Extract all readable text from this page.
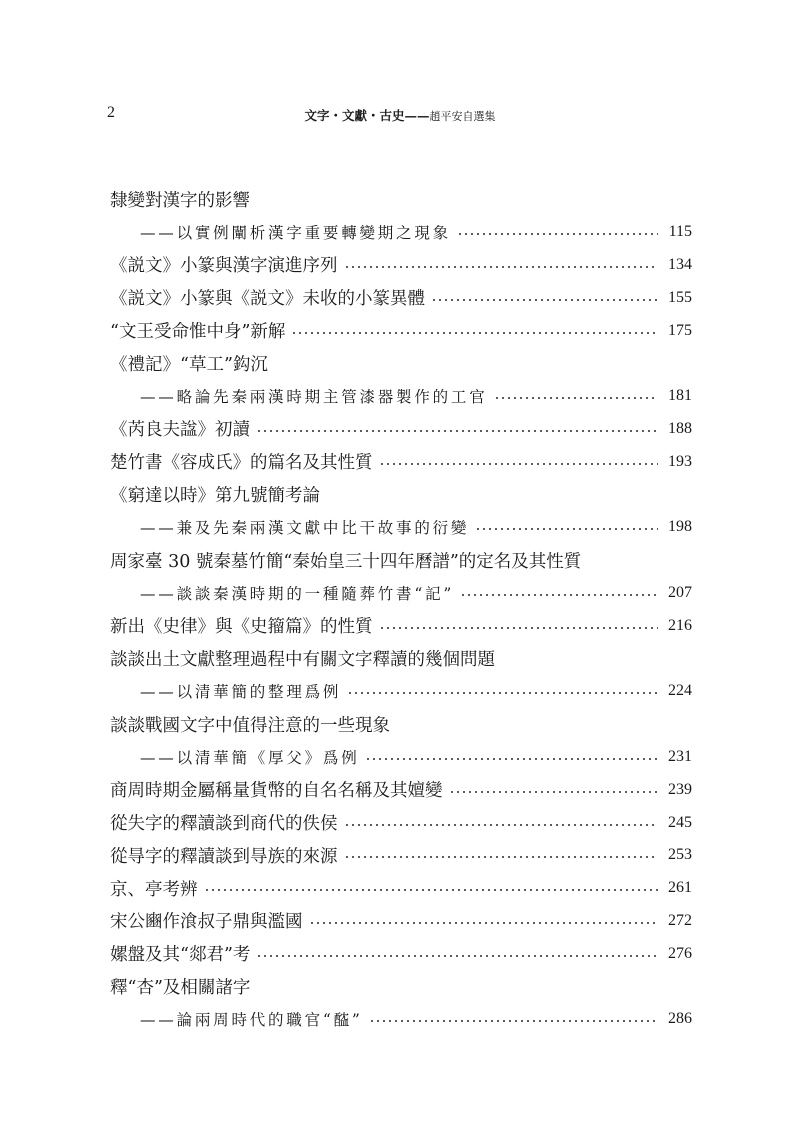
2	文字・文獻・古史——趙平安自選集
隸變對漢字的影響
——以實例闡析漢字重要轉變期之現象	115
《説文》小篆與漢字演進序列	134
《説文》小篆與《説文》未收的小篆異體	155
“文王受命惟中身”新解	175
《禮記》“草工”鈎沉
——略論先秦兩漢時期主管漆器製作的工官	181
《芮良夫諡》初讀	188
楚竹書《容成氏》的篇名及其性質	193
《窮達以時》第九號簡考論
——兼及先秦兩漢文獻中比干故事的衍變	198
周家臺 30 號秦墓竹簡“秦始皇三十四年曆譜”的定名及其性質
——談談秦漢時期的一種隨葬竹書“記”	207
新出《史律》與《史籀篇》的性質	216
談談出土文獻整理過程中有關文字釋讀的幾個問題
——以清華簡的整理爲例	224
談談戰國文字中值得注意的一些現象
——以清華簡《厚父》爲例	231
商周時期金屬稱量貨幣的自名名稱及其嬗變	239
從失字的釋讀談到商代的佚侯	245
從㝵字的釋讀談到㝵族的來源	253
京、亭考辨	261
宋公豳作湌叔子鼎與濫國	272
嫘盤及其“郯君”考	276
釋“杏”及相關諸字
——論兩周時代的職官“醓”	286
